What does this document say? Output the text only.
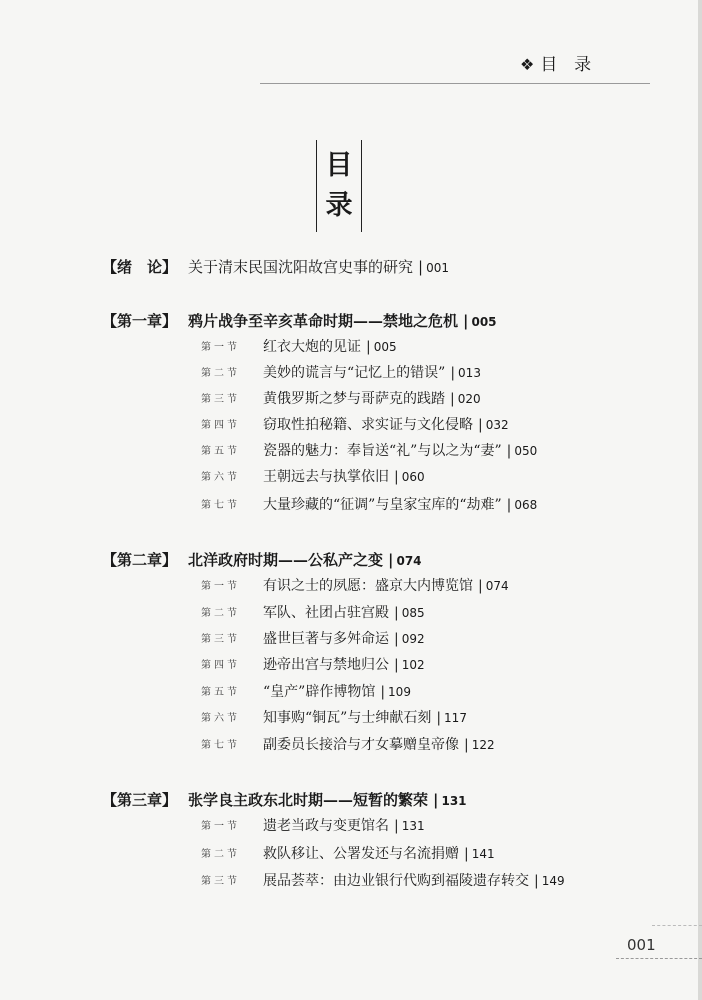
❖ 目  录
目
录
【绪　论】 关于清末民国沈阳故宫史事的研究 | 001
【第一章】 鸦片战争至辛亥革命时期——禁地之危机 | 005
第一节 红衣大炮的见证 | 005
第二节 美妙的谎言与“记忆上的错误” | 013
第三节 黄俄罗斯之梦与哥萨克的践踏 | 020
第四节 窃取性拍秘籍、求实证与文化侵略 | 032
第五节 瓷器的魅力：奉旨送“礼”与以之为“妻” | 050
第六节 王朝远去与执掌依旧 | 060
第七节 大量珍藏的“征调”与皇家宝库的“劫难” | 068
【第二章】 北洋政府时期——公私产之变 | 074
第一节 有识之士的夙愿：盛京大内博览馆 | 074
第二节 军队、社团占驻宫殿 | 085
第三节 盛世巨著与多舛命运 | 092
第四节 逊帝出宫与禁地归公 | 102
第五节 “皇产”辟作博物馆 | 109
第六节 知事购“铜瓦”与士绅献石刻 | 117
第七节 副委员长接洽与才女摹赠皇帝像 | 122
【第三章】 张学良主政东北时期——短暂的繁荣 | 131
第一节 遗老当政与变更馆名 | 131
第二节 救队移让、公署发还与名流捐赠 | 141
第三节 展品荟萃：由边业银行代购到福陵遗存转交 | 149
001
